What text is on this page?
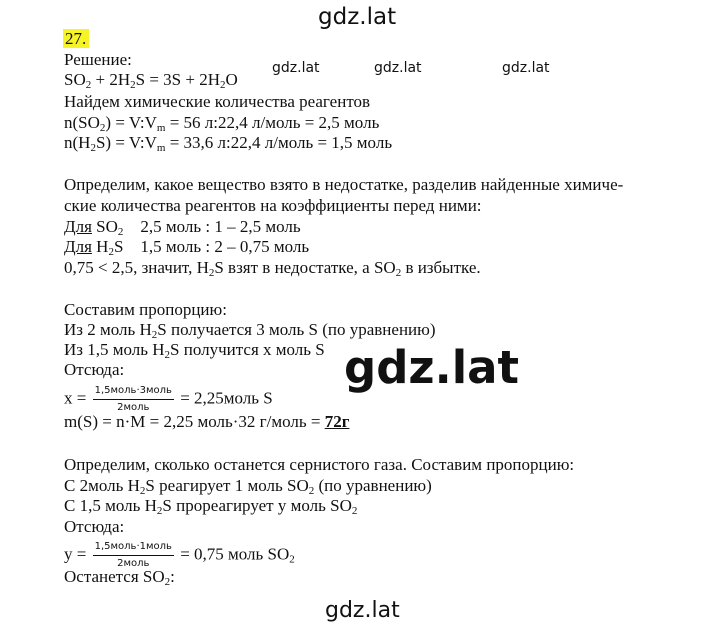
gdz.lat
gdz.lat	gdz.lat	gdz.lat
gdz.lat
gdz.lat
27.
Решение:
$SO_2 + 2H_2S = 3S + 2H_2O$
Найдем химические количества реагентов
$n(SO_2)$ = $V:V_m = 56$ л:22,4 л/моль = 2,5 моль
$n(H_2S)$ = $V:V_m = 33,6$ л:22,4 л/моль = 1,5 моль
Определим, какое вещество взято в недостатке, разделив найденные химиче-
ские количества реагентов на коэффициенты перед ними:
Для $SO_2$    2,5 моль : 1 – 2,5 моль
Для $H_2S$    1,5 моль : 2 – 0,75 моль
0,75 < 2,5, значит, $H_2S$ взят в недостатке, а $SO_2$ в избытке.
Составим пропорцию:
Из 2 моль $H_2S$ получается 3 моль S (по уравнению)
Из 1,5 моль $H_2S$ получится x моль S
Отсюда:
$x = \frac{\text{1,5моль·3моль}}{\text{2моль}}$ = 2,25моль S
m(S) = n·M = 2,25 моль·32 г/моль = 72г
Определим, сколько останется сернистого газа. Составим пропорцию:
С 2моль $H_2S$ реагирует 1 моль $SO_2$ (по уравнению)
С 1,5 моль $H_2S$ прореагирует y моль $SO_2$
Отсюда:
$y = \frac{\text{1,5моль·1моль}}{\text{2моль}} = 0,75$ моль $SO_2$
Останется $SO_2$:
